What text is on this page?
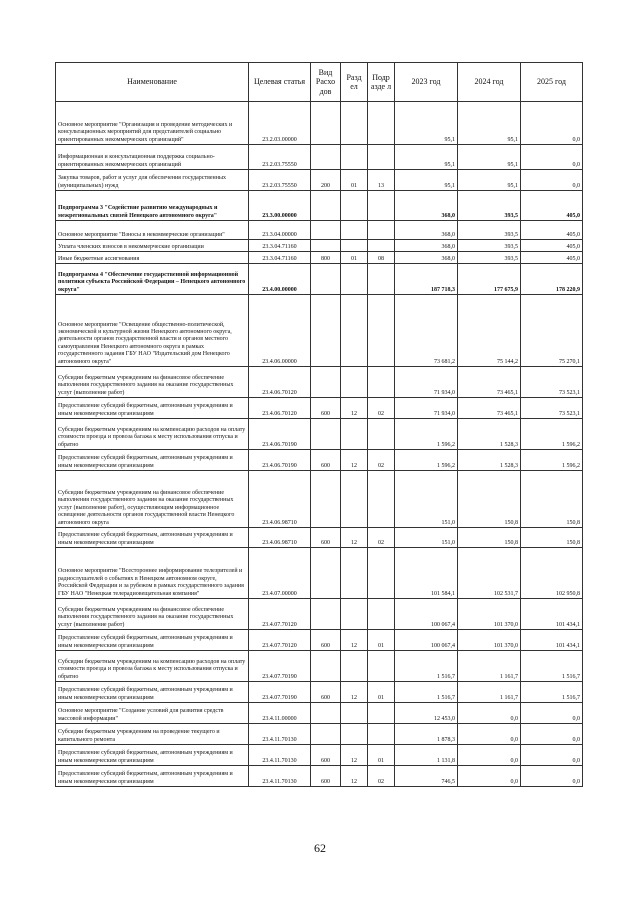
Наименование	Целевая статья	Вид Расхо дов	Разд ел	Подр азде л	2023 год	2024 год	2025 год
Основное мероприятие "Организация и проведение методических и консультационных мероприятий для представителей социально ориентированных некоммерческих организаций"	23.2.03.00000				95,1	95,1	0,0
Информационная и консультационная поддержка социально-ориентированных некоммерческих организаций	23.2.03.75550				95,1	95,1	0,0
Закупка товаров, работ и услуг для обеспечения государственных (муниципальных) нужд	23.2.03.75550	200	01	13	95,1	95,1	0,0
Подпрограмма 3 "Содействие развитию международных и межрегиональных связей Ненецкого автономного округа"	23.3.00.00000				368,0	393,5	405,0
Основное мероприятие "Взносы в некоммерческие организации"	23.3.04.00000				368,0	393,5	405,0
Уплата членских взносов в некоммерческие организации	23.3.04.71160				368,0	393,5	405,0
Иные бюджетные ассигнования	23.3.04.71160	800	01	08	368,0	393,5	405,0
Подпрограмма 4 "Обеспечение государственной информационной политики субъекта Российской Федерации – Ненецкого автономного округа"	23.4.00.00000				187 718,3	177 675,9	178 220,9
Основное мероприятие "Освещение общественно-политической, экономической и культурной жизни Ненецкого автономного округа, деятельности органов государственной власти и органов местного самоуправления Ненецкого автономного округа в рамках государственного задания ГБУ НАО "Издательский дом Ненецкого автономного округа"	23.4.06.00000				73 681,2	75 144,2	75 270,1
Субсидии бюджетным учреждениям на финансовое обеспечение выполнения государственного задания на оказание государственных услуг (выполнение работ)	23.4.06.70120				71 934,0	73 465,1	73 523,1
Предоставление субсидий бюджетным, автономным учреждениям и иным некоммерческим организациям	23.4.06.70120	600	12	02	71 934,0	73 465,1	73 523,1
Субсидии бюджетным учреждениям на компенсацию расходов на оплату стоимости проезда и провоза багажа к месту использования отпуска и обратно	23.4.06.70190				1 596,2	1 528,3	1 596,2
Предоставление субсидий бюджетным, автономным учреждениям и иным некоммерческим организациям	23.4.06.70190	600	12	02	1 596,2	1 528,3	1 596,2
Субсидии бюджетным учреждениям на финансовое обеспечение выполнения государственного задания на оказание государственных услуг (выполнение работ), осуществляющим информационное освещение деятельности органов государственной власти Ненецкого автономного округа	23.4.06.98710				151,0	150,8	150,8
Предоставление субсидий бюджетным, автономным учреждениям и иным некоммерческим организациям	23.4.06.98710	600	12	02	151,0	150,8	150,8
Основное мероприятие "Всестороннее информирование телезрителей и радиослушателей о событиях в Ненецком автономном округе, Российской Федерации и за рубежом в рамках государственного задания ГБУ НАО "Ненецкая телерадиовещательная компания"	23.4.07.00000				101 584,1	102 531,7	102 950,8
Субсидии бюджетным учреждениям на финансовое обеспечение выполнения государственного задания на оказание государственных услуг (выполнение работ)	23.4.07.70120				100 067,4	101 370,0	101 434,1
Предоставление субсидий бюджетным, автономным учреждениям и иным некоммерческим организациям	23.4.07.70120	600	12	01	100 067,4	101 370,0	101 434,1
Субсидии бюджетным учреждениям на компенсацию расходов на оплату стоимости проезда и провоза багажа к месту использования отпуска и обратно	23.4.07.70190				1 516,7	1 161,7	1 516,7
Предоставление субсидий бюджетным, автономным учреждениям и иным некоммерческим организациям	23.4.07.70190	600	12	01	1 516,7	1 161,7	1 516,7
Основное мероприятие "Создание условий для развития средств массовой информации"	23.4.11.00000				12 453,0	0,0	0,0
Субсидии бюджетным учреждениям на проведение текущего и капитального ремонта	23.4.11.70130				1 878,3	0,0	0,0
Предоставление субсидий бюджетным, автономным учреждениям и иным некоммерческим организациям	23.4.11.70130	600	12	01	1 131,8	0,0	0,0
Предоставление субсидий бюджетным, автономным учреждениям и иным некоммерческим организациям	23.4.11.70130	600	12	02	746,5	0,0	0,0
62
